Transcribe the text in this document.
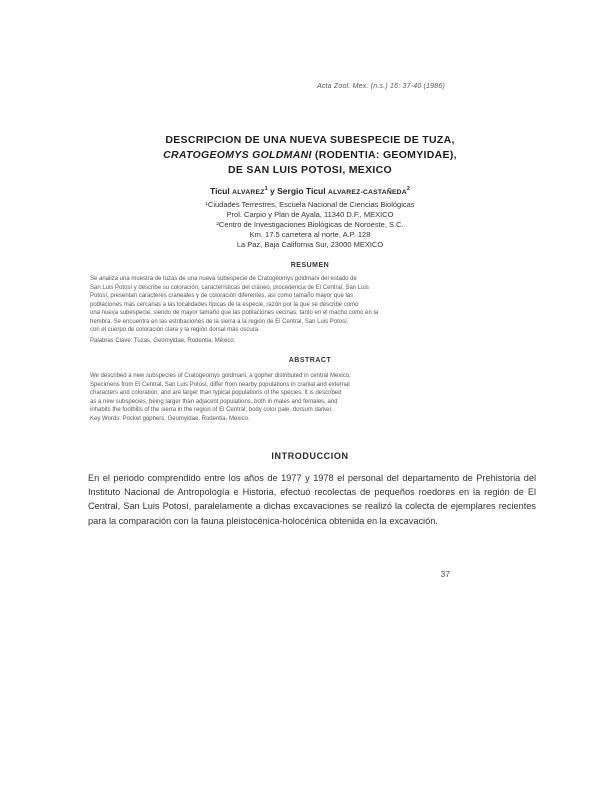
Acta Zool. Mex. (n.s.) 16: 37-40 (1986)
DESCRIPCION DE UNA NUEVA SUBESPECIE DE TUZA,
CRATOGEOMYS GOLDMANI (RODENTIA: GEOMYIDAE),
DE SAN LUIS POTOSI, MEXICO
Ticul ALVAREZ$^1$ y Sergio Ticul ALVAREZ-CASTAÑEDA$^2$
¹Ciudades Terrestres, Escuela Nacional de Ciencias Biológicas
Prol. Carpio y Plan de Ayala, 11340 D.F., MEXICO
²Centro de Investigaciones Biológicas de Noroeste, S.C.
Km. 17.5 carretera al norte, A.P. 128
La Paz, Baja California Sur, 23000 MEXICO
RESUMEN

Se analiza una muestra de tuzas de una nueva subespecie de Cratogeomys goldmani del estado de

San Luis Potosí y describe su coloración, características del cráneo, procedencia de El Central, San Luis

Potosí, presentan caracteres craneales y de coloración diferentes, así como tamaño mayor que las

poblaciones más cercanas a las localidades típicas de la especie, razón por la que se describe como

una nueva subespecie, siendo de mayor tamaño que las poblaciones vecinas, tanto en el macho como en la

hembra. Se encuentra en las estribaciones de la sierra a la región de El Central, San Luis Potosí,

con el cuerpo de coloración clara y la región dorsal más oscura.

Palabras Clave: Tuzas, Geomyidae, Rodentia, México.
ABSTRACT

We described a new subspecies of Cratogeomys goldmani, a gopher distributed in central Mexico.

Specimens from El Central, San Luis Potosí, differ from nearby populations in cranial and external

characters and coloration, and are larger than typical populations of the species. It is described

as a new subspecies, being larger than adjacent populations, both in males and females, and

inhabits the foothills of the sierra in the region of El Central; body color pale, dorsum darker.

Key Words: Pocket gophers, Geomyidae, Rodentia, Mexico.

INTRODUCCION
En el periodo comprendido entre los años de 1977 y 1978 el personal del departamento de Prehistoria del Instituto Nacional de Antropología e Historia, efectuó recolectas de pequeños roedores en la región de El Central, San Luis Potosí, paralelamente a dichas excavaciones se realizó la colecta de ejemplares recientes para la comparación con la fauna pleistocénica-holocénica obtenida en la excavación.
37
